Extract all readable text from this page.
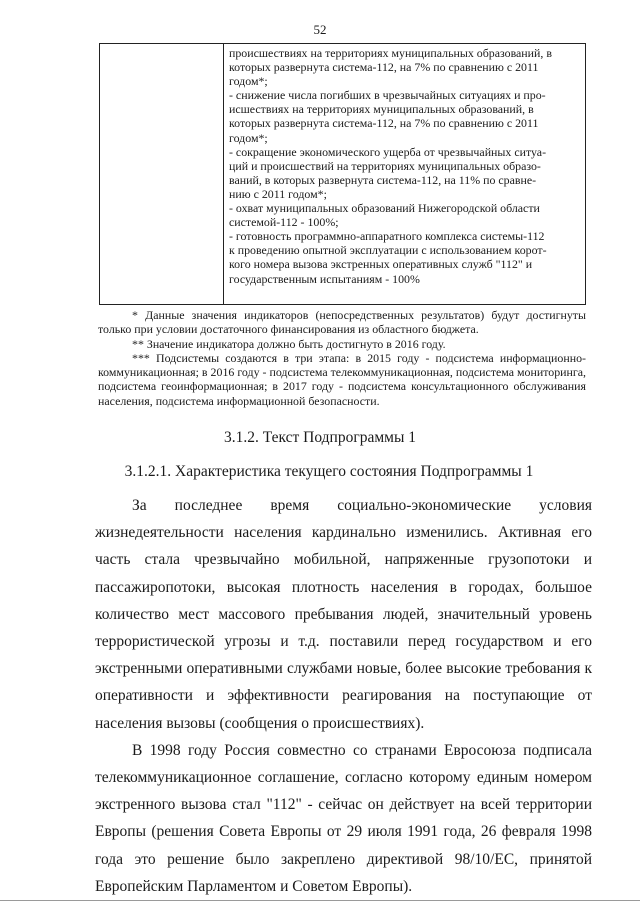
52
происшествиях на территориях муниципальных образований, в
которых развернута система-112, на 7% по сравнению с 2011
годом*;
- снижение числа погибших в чрезвычайных ситуациях и про-
исшествиях на территориях муниципальных образований, в
которых развернута система-112, на 7% по сравнению с 2011
годом*;
- сокращение экономического ущерба от чрезвычайных ситуа-
ций и происшествий на территориях муниципальных образо-
ваний, в которых развернута система-112, на 11% по сравне-
нию с 2011 годом*;
- охват муниципальных образований Нижегородской области
системой-112 - 100%;
- готовность программно-аппаратного комплекса системы-112
к проведению опытной эксплуатации с использованием корот-
кого номера вызова экстренных оперативных служб "112" и
государственным испытаниям - 100%

* Данные значения индикаторов (непосредственных результатов) будут достигнуты только при условии достаточного финансирования из областного бюджета.

** Значение индикатора должно быть достигнуто в 2016 году.

*** Подсистемы создаются в три этапа: в 2015 году - подсистема информационно-коммуникационная; в 2016 году - подсистема телекоммуникационная, подсистема мониторинга, подсистема геоинформационная; в 2017 году - подсистема консультационного обслуживания населения, подсистема информационной безопасности.

3.1.2. Текст Подпрограммы 1
3.1.2.1. Характеристика текущего состояния Подпрограммы 1

За последнее время социально-экономические условия жизнедеятельности населения кардинально изменились. Активная его часть стала чрезвычайно мобильной, напряженные грузопотоки и пассажиропотоки, высокая плотность населения в городах, большое количество мест массового пребывания людей, значительный уровень террористической угрозы и т.д. поставили перед государством и его экстренными оперативными службами новые, более высокие требования к оперативности и эффективности реагирования на поступающие от населения вызовы (сообщения о происшествиях).

В 1998 году Россия совместно со странами Евросоюза подписала телекоммуникационное соглашение, согласно которому единым номером экстренного вызова стал "112" - сейчас он действует на всей территории Европы (решения Совета Европы от 29 июля 1991 года, 26 февраля 1998 года это решение было закреплено директивой 98/10/ЕС, принятой Европейским Парламентом и Советом Европы).
